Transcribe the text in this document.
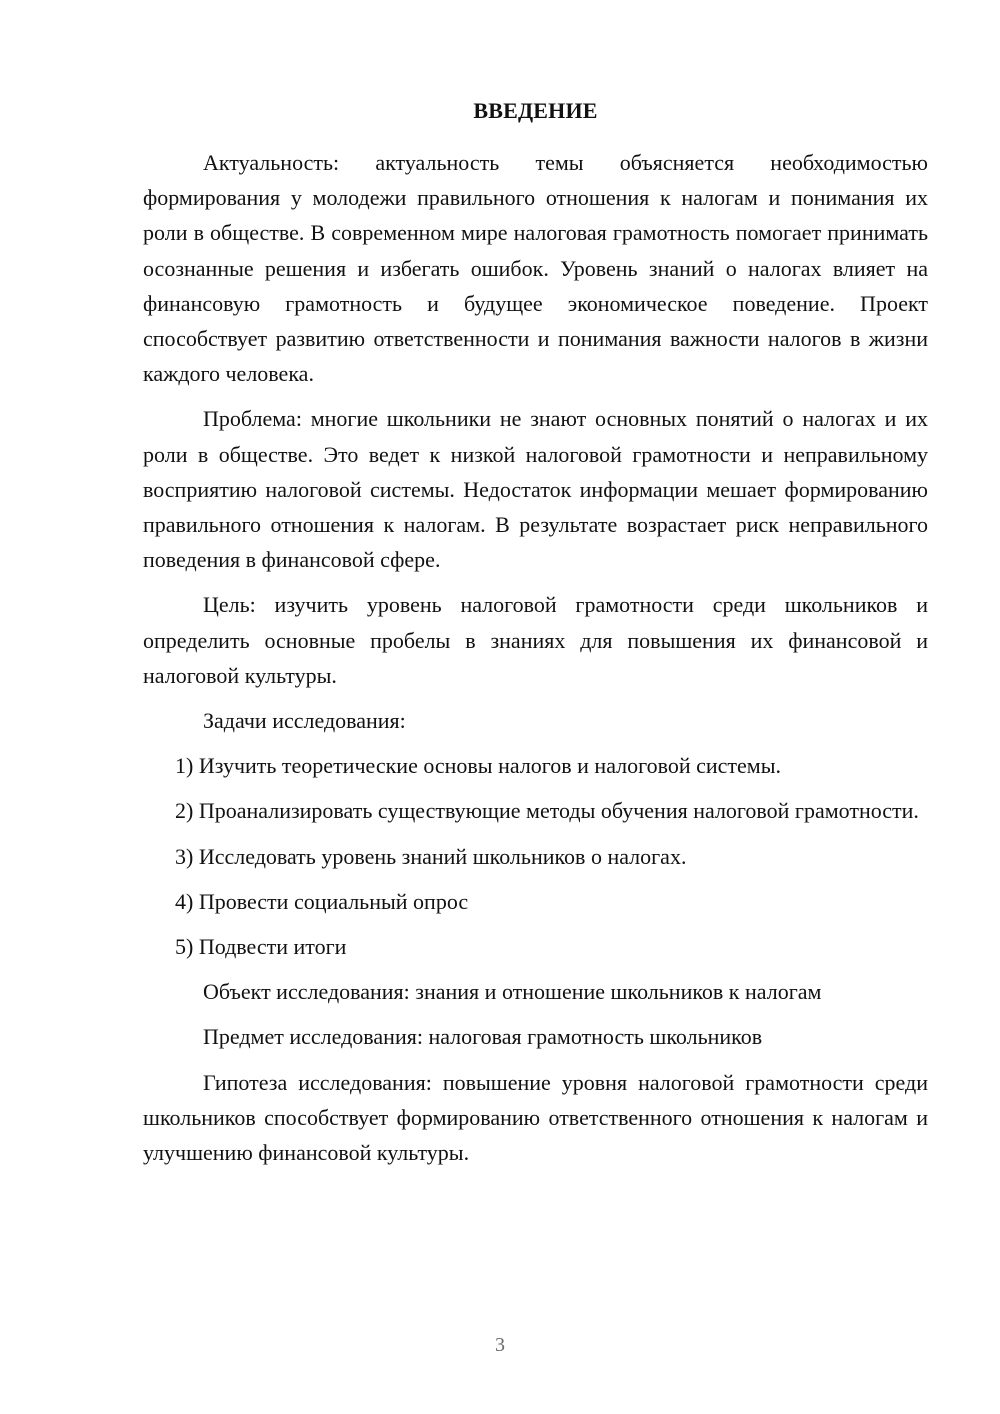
ВВЕДЕНИЕ

Актуальность: актуальность темы объясняется необходимостью формирования у молодежи правильного отношения к налогам и понимания их роли в обществе. В современном мире налоговая грамотность помогает принимать осознанные решения и избегать ошибок. Уровень знаний о налогах влияет на финансовую грамотность и будущее экономическое поведение. Проект способствует развитию ответственности и понимания важности налогов в жизни каждого человека.

Проблема: многие школьники не знают основных понятий о налогах и их роли в обществе. Это ведет к низкой налоговой грамотности и неправильному восприятию налоговой системы. Недостаток информации мешает формированию правильного отношения к налогам. В результате возрастает риск неправильного поведения в финансовой сфере.

Цель: изучить уровень налоговой грамотности среди школьников и определить основные пробелы в знаниях для повышения их финансовой и налоговой культуры.

Задачи исследования:

1) Изучить теоретические основы налогов и налоговой системы.

2) Проанализировать существующие методы обучения налоговой грамотности.

3) Исследовать уровень знаний школьников о налогах.

4) Провести социальный опрос

5) Подвести итоги

Объект исследования: знания и отношение школьников к налогам

Предмет исследования: налоговая грамотность школьников

Гипотеза исследования: повышение уровня налоговой грамотности среди школьников способствует формированию ответственного отношения к налогам и улучшению финансовой культуры.

3
